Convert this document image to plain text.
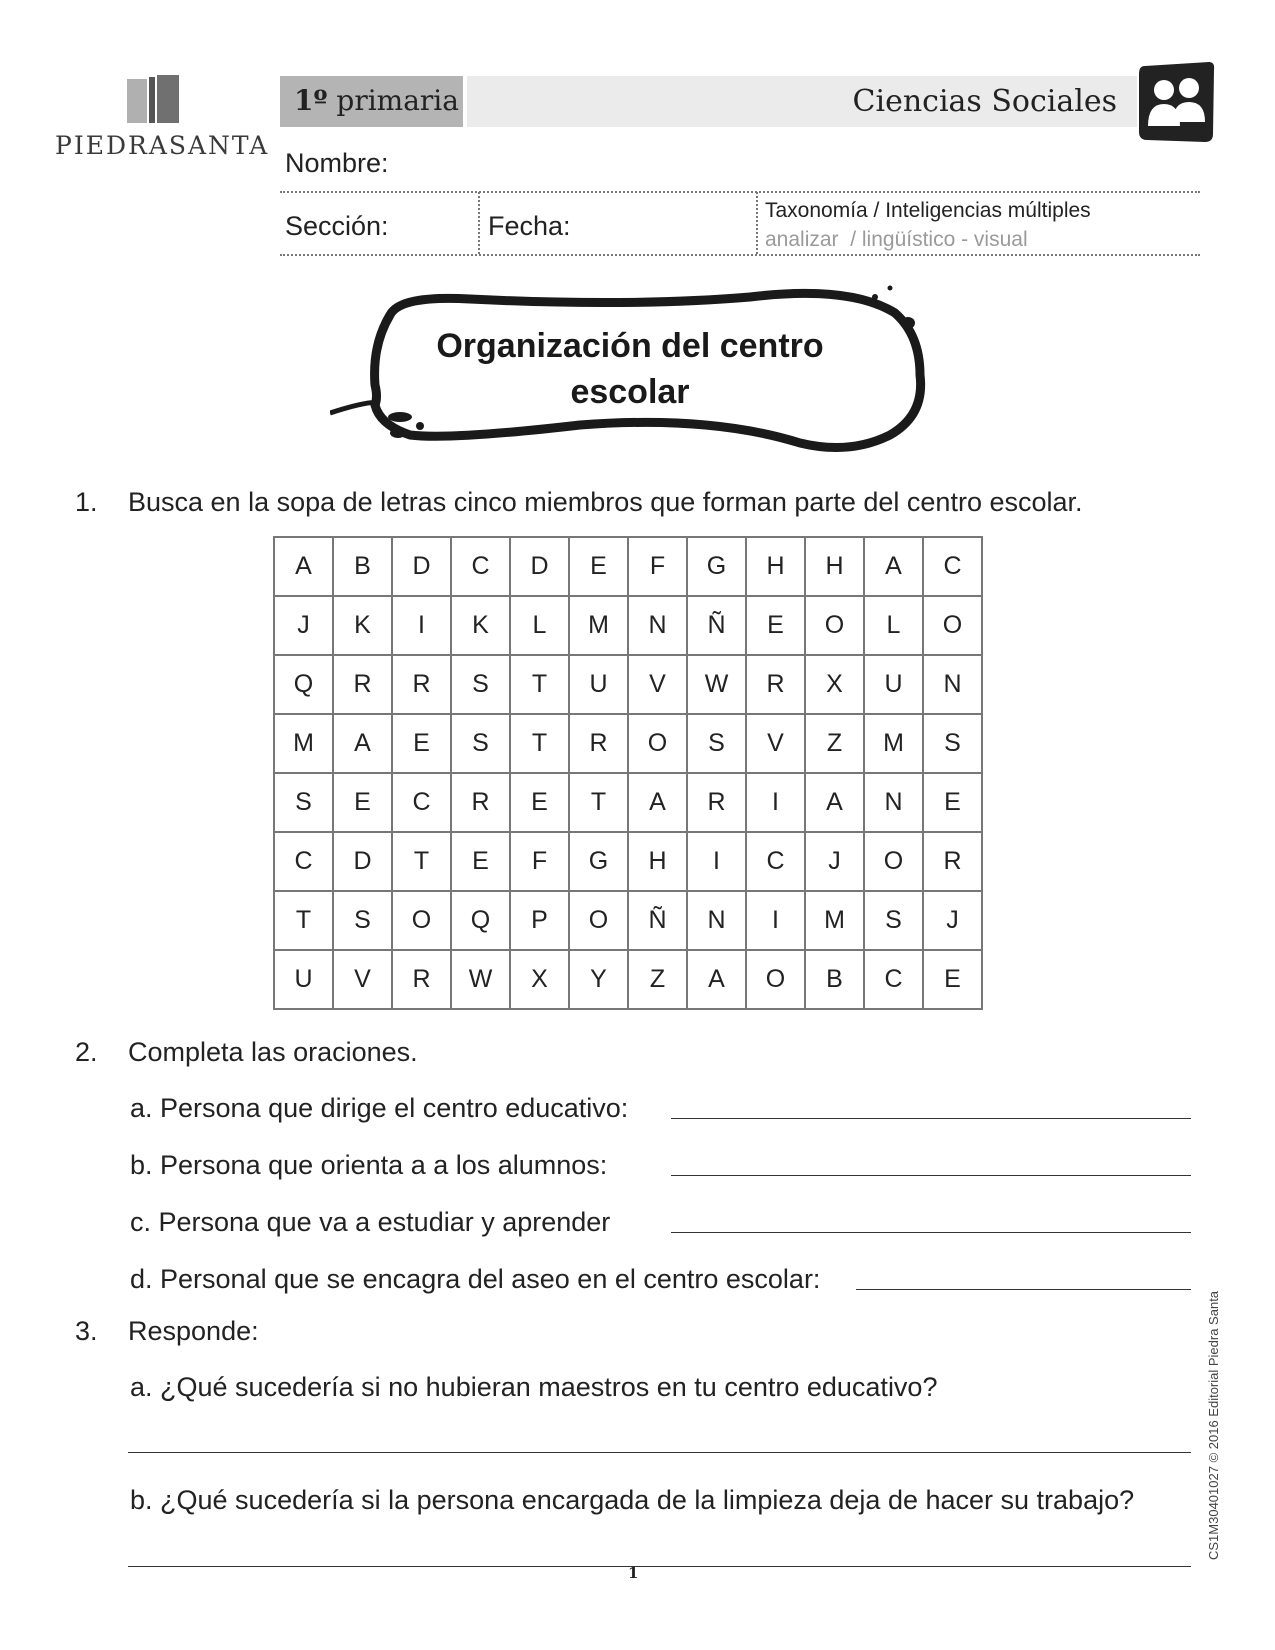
PIEDRASANTA
1º primaria	Ciencias Sociales
Nombre:
Sección:	Fecha:
Taxonomía / Inteligencias múltiples
analizar  / lingüístico - visual
Organización del centro
escolar
1. Busca en la sopa de letras cinco miembros que forman parte del centro escolar.
A	B	D	C	D	E	F	G	H	H	A	C
J	K	I	K	L	M	N	Ñ	E	O	L	O
Q	R	R	S	T	U	V	W	R	X	U	N
M	A	E	S	T	R	O	S	V	Z	M	S
S	E	C	R	E	T	A	R	I	A	N	E
C	D	T	E	F	G	H	I	C	J	O	R
T	S	O	Q	P	O	Ñ	N	I	M	S	J
U	V	R	W	X	Y	Z	A	O	B	C	E
2. Completa las oraciones.
a. Persona que dirige el centro educativo:
b. Persona que orienta a a los alumnos:
c. Persona que va a estudiar y aprender
d. Personal que se encagra del aseo en el centro escolar:
3. Responde:
a. ¿Qué sucedería si no hubieran maestros en tu centro educativo?
b. ¿Qué sucedería si la persona encargada de la limpieza deja de hacer su trabajo?
1
CS1M30401027 © 2016 Editorial Piedra Santa
